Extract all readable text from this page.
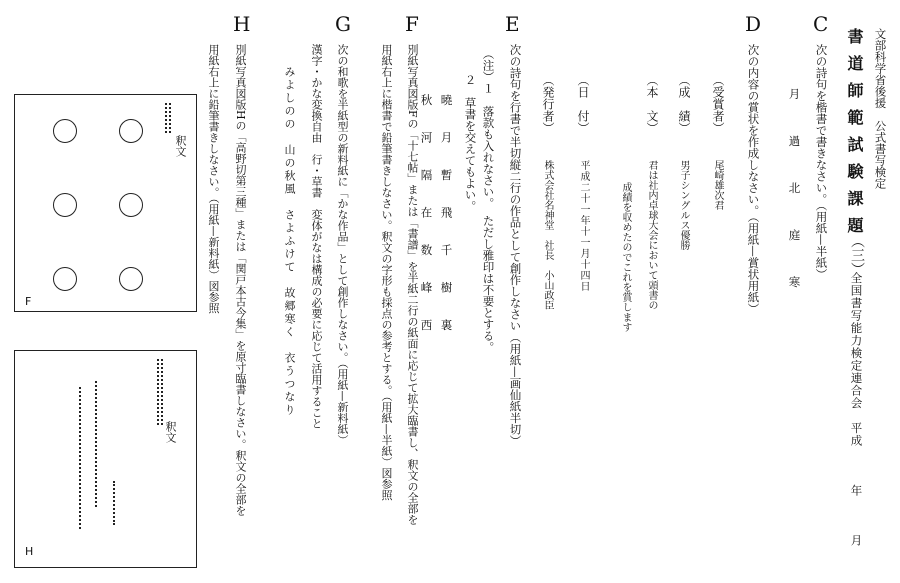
文部科学省後援　公式書写検定
書道師範試験課題
（三）
全国書写能力検定連合会　平成　　　年　　　月
C
次の詩句を楷書で書きなさい。（用紙—半紙）
月　過　北　庭　寒
D
次の内容の賞状を作成しなさい。（用紙—賞状用紙）
（受賞者）
尾崎雄次君
（成　績）
男子シングルス優勝
（本　文）
君は社内卓球大会において頭書の
成績を収めたのでこれを賞します
（日　付）
平成二十一年十一月十四日
（発行者）
株式会社名神堂　社長　小山政臣
E
次の詩句を行書で半切縦二行の作品として創作しなさい（用紙—画仙紙半切）
（注）１　落款も入れなさい。　ただし雅印は不要とする。
２　草書を交えてもよい。
曉月暫飛千樹裏
秋河隔在数峰西
F
別紙写真図版Fの「十七帖」または「書譜」を半紙二行の紙面に応じて拡大臨書し、釈文の全部を
用紙右上に楷書で鉛筆書きしなさい。釈文の字形も採点の参考とする。（用紙—半紙）図参照
G
次の和歌を半紙型の新料紙に「かな作品」として創作しなさい。（用紙—新料紙）
漢字・かな変換自由　行・草書　変体がなは構成の必要に応じて活用すること
みよしのの　山の秋風　さよふけて　故郷寒く　衣うつなり
H
別紙写真図版Hの「高野切第三種」または「関戸本古今集」を原寸臨書しなさい。釈文の全部を
用紙右上に鉛筆書きしなさい。（用紙—新料紙）図参照
F
釈文
H
釈文
